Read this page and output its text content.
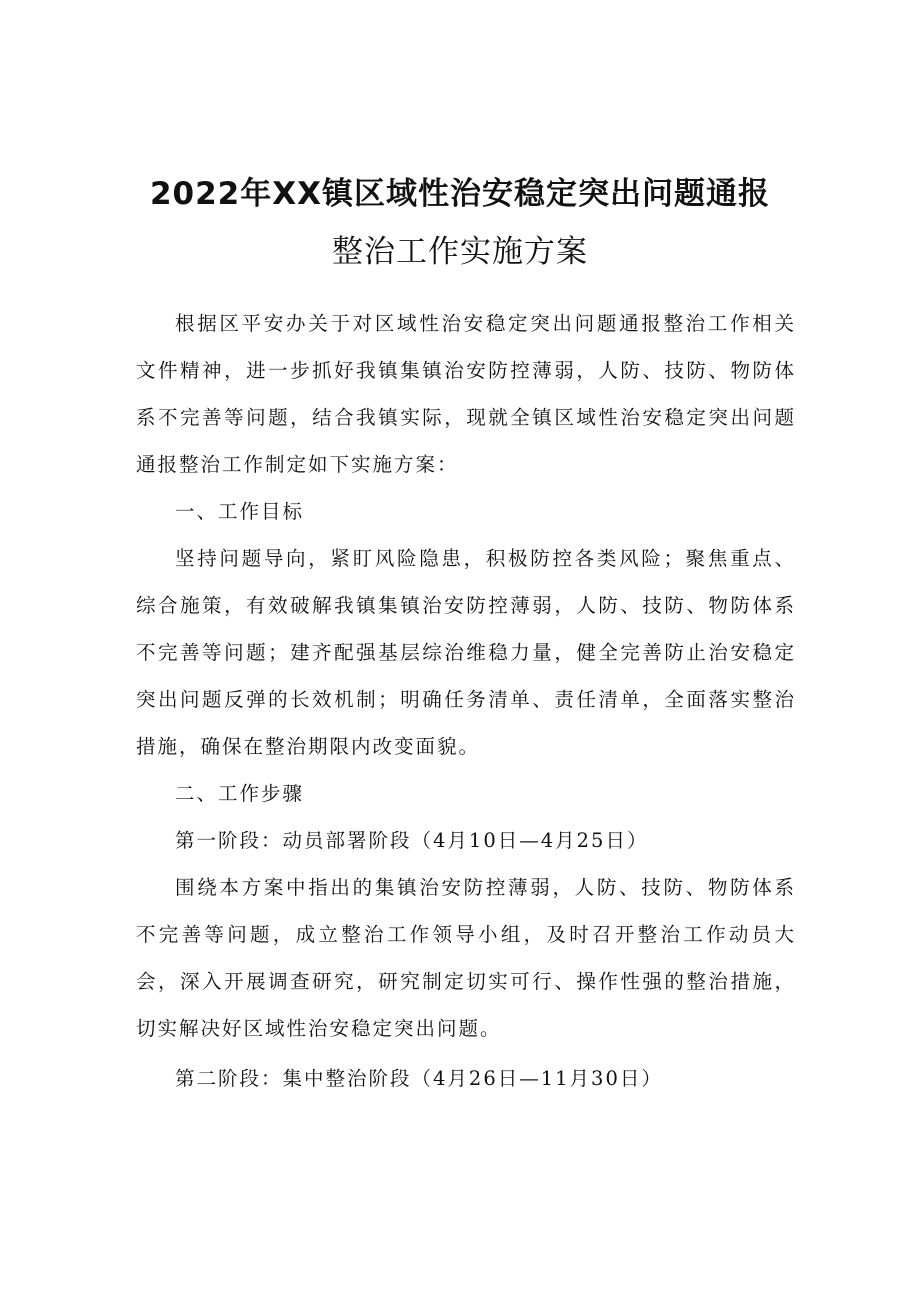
2022年XX镇区域性治安稳定突出问题通报
整治工作实施方案

根据区平安办关于对区域性治安稳定突出问题通报整治工作相关文件精神，进一步抓好我镇集镇治安防控薄弱，人防、技防、物防体系不完善等问题，结合我镇实际，现就全镇区域性治安稳定突出问题通报整治工作制定如下实施方案：

一、工作目标

坚持问题导向，紧盯风险隐患，积极防控各类风险；聚焦重点、综合施策，有效破解我镇集镇治安防控薄弱，人防、技防、物防体系不完善等问题；建齐配强基层综治维稳力量，健全完善防止治安稳定突出问题反弹的长效机制；明确任务清单、责任清单，全面落实整治措施，确保在整治期限内改变面貌。

二、工作步骤

第一阶段：动员部署阶段（4月10日—4月25日）

围绕本方案中指出的集镇治安防控薄弱，人防、技防、物防体系不完善等问题，成立整治工作领导小组，及时召开整治工作动员大会，深入开展调查研究，研究制定切实可行、操作性强的整治措施，切实解决好区域性治安稳定突出问题。

第二阶段：集中整治阶段（4月26日—11月30日）
